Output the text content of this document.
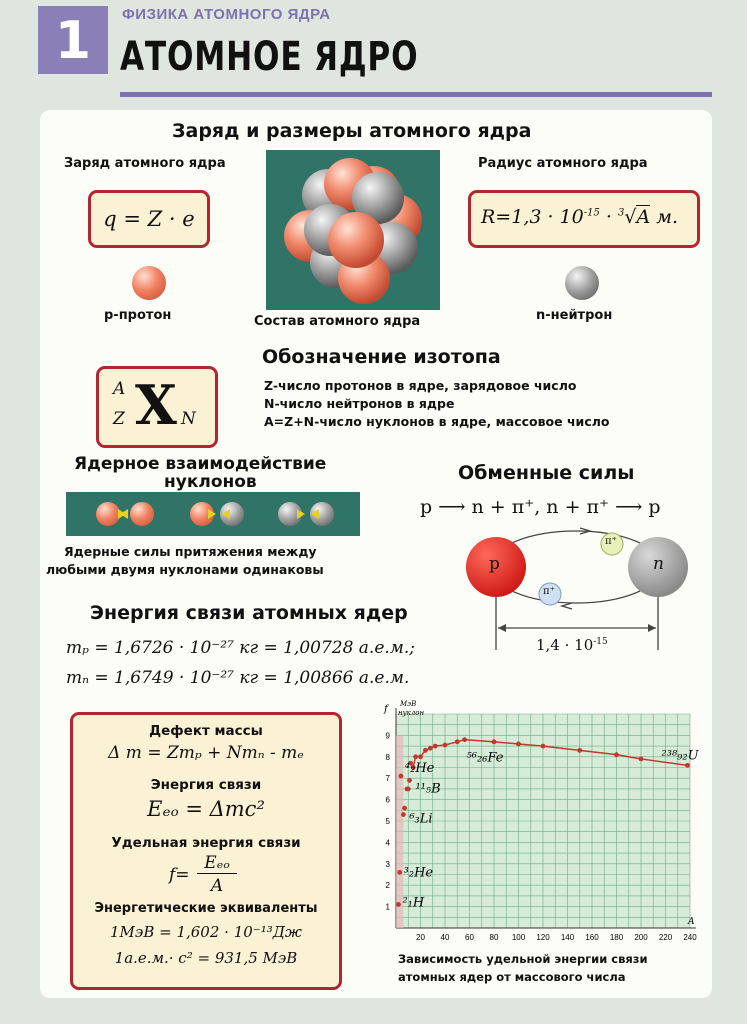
1	ФИЗИКА АТОМНОГО ЯДРА
АТОМНОЕ ЯДРО
Заряд и размеры атомного ядра
Заряд атомного ядра
q = Z · e
Радиус атомного ядра
$R=1,3 \cdot 10^{-15} \cdot ^3√A$ м.
p-протон	Состав атомного ядра	n-нейтрон
Обозначение изотопа
A
Z X N
Z-число протонов в ядре, зарядовое число
N-число нейтронов в ядре
A=Z+N-число нуклонов в ядре, массовое число
Ядерное взаимодействие
нуклонов
Ядерные силы притяжения между
любыми двумя нуклонами одинаковы
Обменные силы
p ⟶ n + π⁺, n + π⁺ ⟶ p
p	n
π⁺
π⁺
$1,4 \cdot 10^{-15}$
Энергия связи атомных ядер
mₚ = 1,6726 · 10⁻²⁷ кг = 1,00728 а.е.м.;
mₙ = 1,6749 · 10⁻²⁷ кг = 1,00866 а.е.м.
Дефект массы
Δ m = Zmₚ + Nmₙ - mₑ
Энергия связи
Eₑₒ = Δmc²
Удельная энергия связи
f=
Eₑₒ
A
Энергетические эквиваленты
1МэВ = 1,602 · 10⁻¹³Дж
1а.е.м.· c² = 931,5 МэВ
20 40 60 80 100 120 140 160 180 200 220 240
1
2
3
4
5
6
7
8
9
f	МэВ
нуклон
A
⁴₂He
⁵⁶₂₆Fe	²³⁸₉₂U
¹¹₅B
⁶₃Li
³₂He
²₁H
Зависимость удельной энергии связи
атомных ядер от массового числа
